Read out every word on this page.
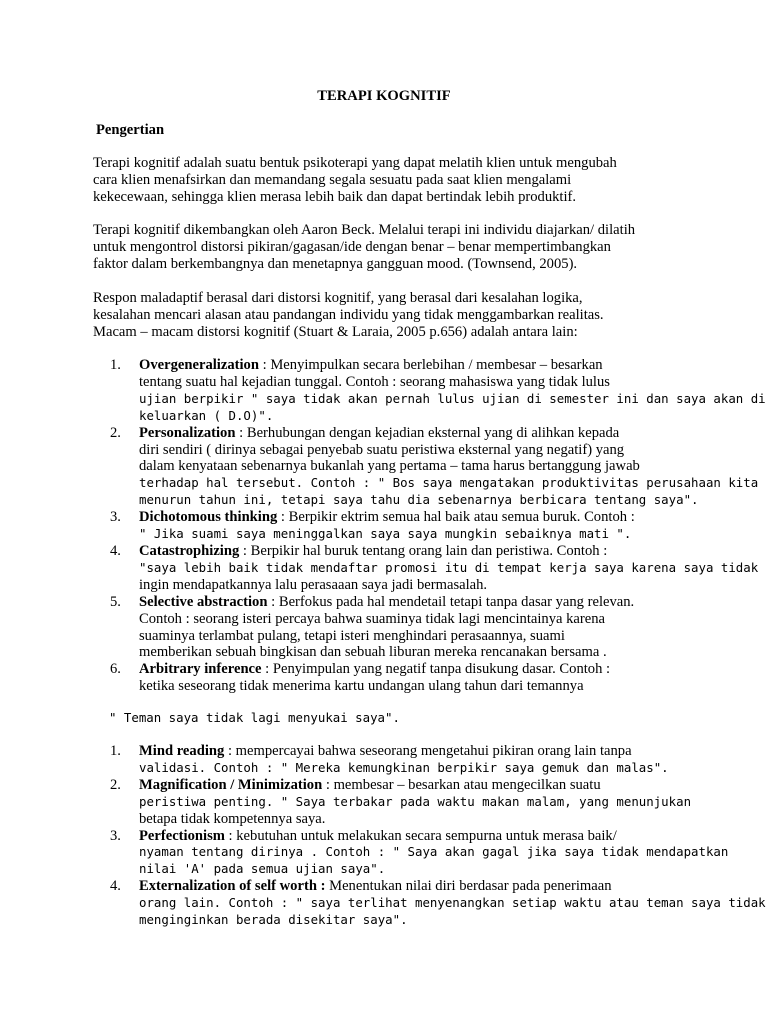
TERAPI KOGNITIF
Pengertian
Terapi kognitif adalah suatu bentuk psikoterapi yang dapat melatih klien untuk mengubah
cara klien menafsirkan dan memandang segala sesuatu pada saat klien mengalami
kekecewaan, sehingga klien merasa lebih baik dan dapat bertindak lebih produktif.
Terapi kognitif dikembangkan oleh Aaron Beck. Melalui terapi ini individu diajarkan/ dilatih
untuk mengontrol distorsi pikiran/gagasan/ide dengan benar – benar mempertimbangkan
faktor dalam berkembangnya dan menetapnya gangguan mood. (Townsend, 2005).
Respon maladaptif berasal dari distorsi kognitif, yang berasal dari kesalahan logika,
kesalahan mencari alasan atau pandangan individu yang tidak menggambarkan realitas.
Macam – macam distorsi kognitif (Stuart & Laraia, 2005 p.656) adalah antara lain:
1. Overgeneralization : Menyimpulkan secara berlebihan / membesar – besarkan
tentang suatu hal kejadian tunggal. Contoh : seorang mahasiswa yang tidak lulus
ujian berpikir " saya tidak akan pernah lulus ujian di semester ini dan saya akan di
keluarkan ( D.O)".
2. Personalization : Berhubungan dengan kejadian eksternal yang di alihkan kepada
diri sendiri ( dirinya sebagai penyebab suatu peristiwa eksternal yang negatif) yang
dalam kenyataan sebenarnya bukanlah yang pertama – tama harus bertanggung jawab
terhadap hal tersebut. Contoh : " Bos saya mengatakan produktivitas perusahaan kita
menurun tahun ini, tetapi saya tahu dia sebenarnya berbicara tentang saya".
3. Dichotomous thinking : Berpikir ektrim semua hal baik atau semua buruk. Contoh :
" Jika suami saya meninggalkan saya saya mungkin sebaiknya mati ".
4. Catastrophizing : Berpikir hal buruk tentang orang lain dan peristiwa. Contoh :
"saya lebih baik tidak mendaftar promosi itu di tempat kerja saya karena saya tidak
ingin mendapatkannya lalu perasaaan saya jadi bermasalah.
5. Selective abstraction : Berfokus pada hal mendetail tetapi tanpa dasar yang relevan.
Contoh : seorang isteri percaya bahwa suaminya tidak lagi mencintainya karena
suaminya terlambat pulang, tetapi isteri menghindari perasaannya, suami
memberikan sebuah bingkisan dan sebuah liburan mereka rencanakan bersama .
6. Arbitrary inference : Penyimpulan yang negatif tanpa disukung dasar. Contoh :
ketika seseorang tidak menerima kartu undangan ulang tahun dari temannya
" Teman saya tidak lagi menyukai saya".
1. Mind reading : mempercayai bahwa seseorang mengetahui pikiran orang lain tanpa
validasi. Contoh : " Mereka kemungkinan berpikir saya gemuk dan malas".
2. Magnification / Minimization : membesar – besarkan atau mengecilkan suatu
peristiwa penting. " Saya terbakar pada waktu makan malam, yang menunjukan
betapa tidak kompetennya saya.
3. Perfectionism : kebutuhan untuk melakukan secara sempurna untuk merasa baik/
nyaman tentang dirinya . Contoh : " Saya akan gagal jika saya tidak mendapatkan
nilai 'A' pada semua ujian saya".
4. Externalization of self worth : Menentukan nilai diri berdasar pada penerimaan
orang lain. Contoh : " saya terlihat menyenangkan setiap waktu atau teman saya tidak
menginginkan berada disekitar saya".
